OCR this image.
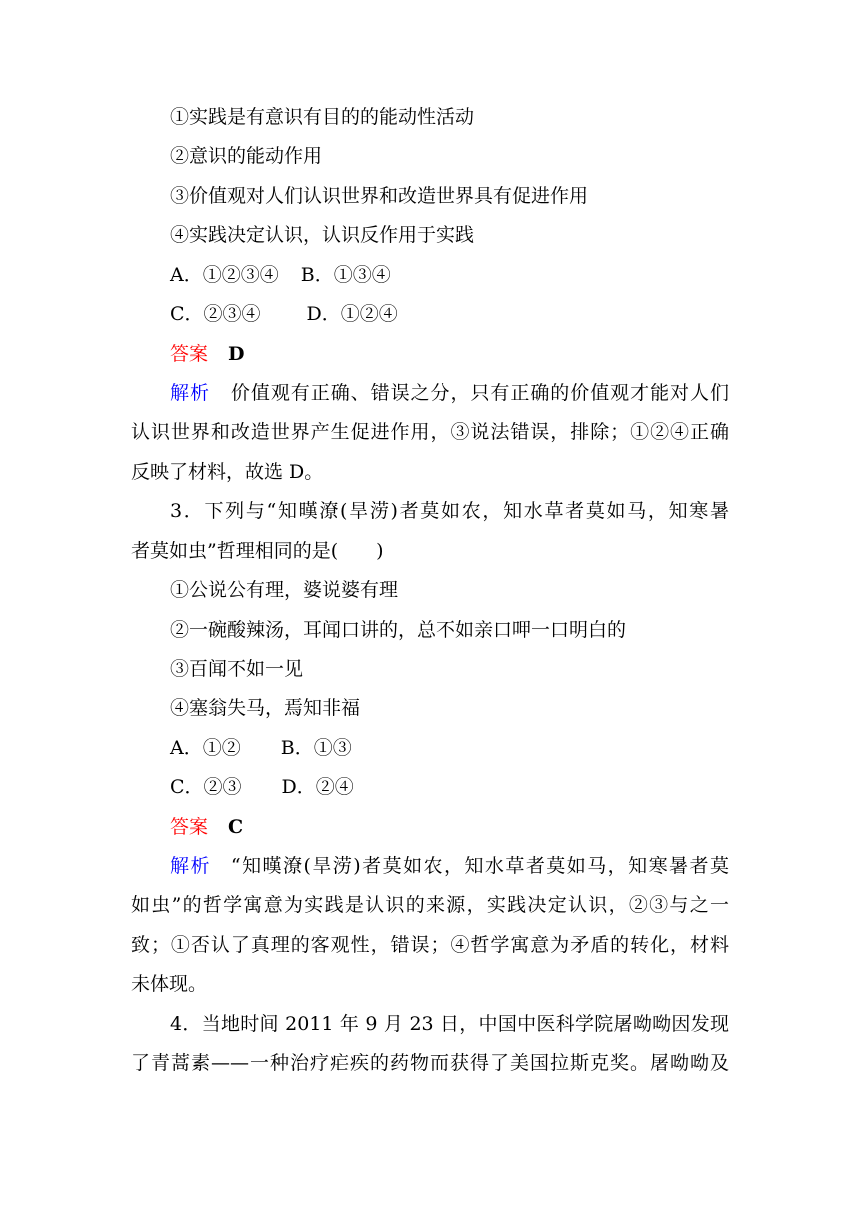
①实践是有意识有目的的能动性活动
②意识的能动作用
③价值观对人们认识世界和改造世界具有促进作用
④实践决定认识，认识反作用于实践
A．①②③④ B．①③④
C．②③④ D．①②④
答案 D
解析 价值观有正确、错误之分，只有正确的价值观才能对人们
认识世界和改造世界产生促进作用，③说法错误，排除；①②④正确
反映了材料，故选 D。
3．下列与“知暵潦(旱涝)者莫如农，知水草者莫如马，知寒暑
者莫如虫”哲理相同的是(　　)
①公说公有理，婆说婆有理
②一碗酸辣汤，耳闻口讲的，总不如亲口呷一口明白的
③百闻不如一见
④塞翁失马，焉知非福
A．①② B．①③
C．②③ D．②④
答案 C
解析 “知暵潦(旱涝)者莫如农，知水草者莫如马，知寒暑者莫
如虫”的哲学寓意为实践是认识的来源，实践决定认识，②③与之一
致；①否认了真理的客观性，错误；④哲学寓意为矛盾的转化，材料
未体现。
4．当地时间 2011 年 9 月 23 日，中国中医科学院屠呦呦因发现
了青蒿素——一种治疗疟疾的药物而获得了美国拉斯克奖。屠呦呦及
